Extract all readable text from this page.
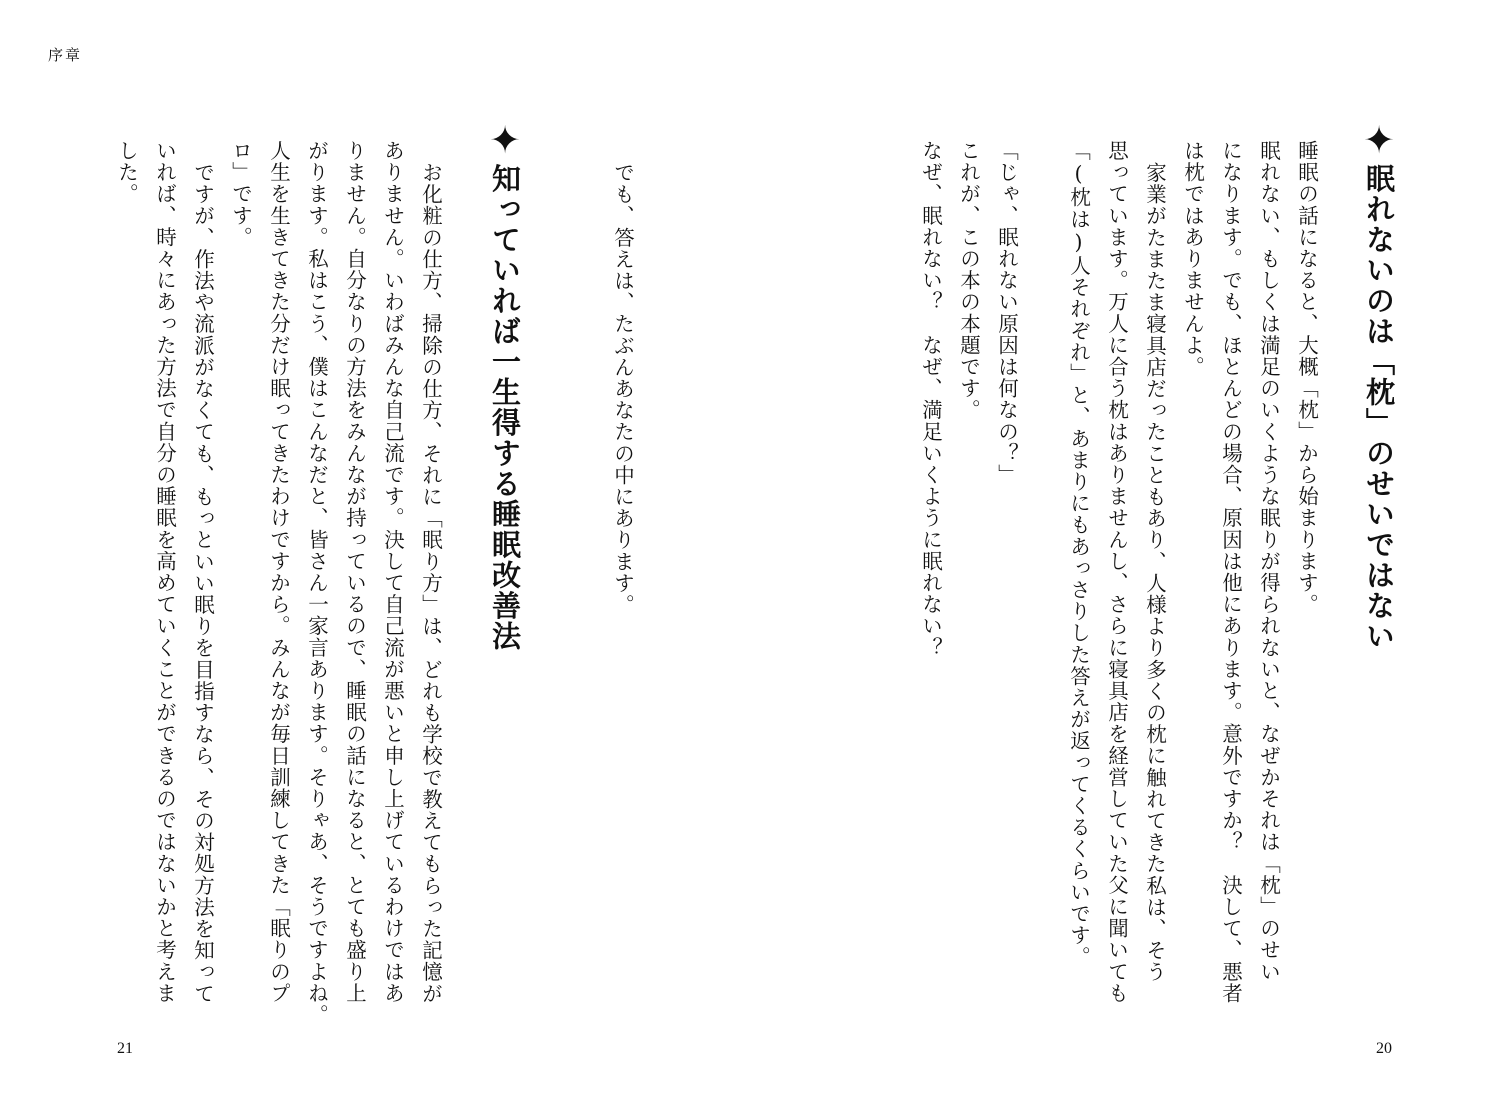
序章
✦眠れないのは「枕」のせいではない
睡眠の話になると、大概「枕」から始まります。
眠れない、もしくは満足のいくような眠りが得られないと、なぜかそれは「枕」のせい
になります。でも、ほとんどの場合、原因は他にあります。意外ですか？　決して、悪者
は枕ではありませんよ。
家業がたまたま寝具店だったこともあり、人様より多くの枕に触れてきた私は、そう
思っています。万人に合う枕はありませんし、さらに寝具店を経営していた父に聞いても
「(枕は)人それぞれ」と、あまりにもあっさりした答えが返ってくるくらいです。
「じゃ、眠れない原因は何なの？」
これが、この本の本題です。
なぜ、眠れない？　なぜ、満足いくように眠れない？
でも、答えは、たぶんあなたの中にあります。
✦知っていれば一生得する睡眠改善法
お化粧の仕方、掃除の仕方、それに「眠り方」は、どれも学校で教えてもらった記憶が
ありません。いわばみんな自己流です。決して自己流が悪いと申し上げているわけではあ
りません。自分なりの方法をみんなが持っているので、睡眠の話になると、とても盛り上
がります。私はこう、僕はこんなだと、皆さん一家言あります。そりゃあ、そうですよね。
人生を生きてきた分だけ眠ってきたわけですから。みんなが毎日訓練してきた「眠りのプ
ロ」です。
ですが、作法や流派がなくても、もっといい眠りを目指すなら、その対処方法を知って
いれば、時々にあった方法で自分の睡眠を高めていくことができるのではないかと考えま
した。
21	20
